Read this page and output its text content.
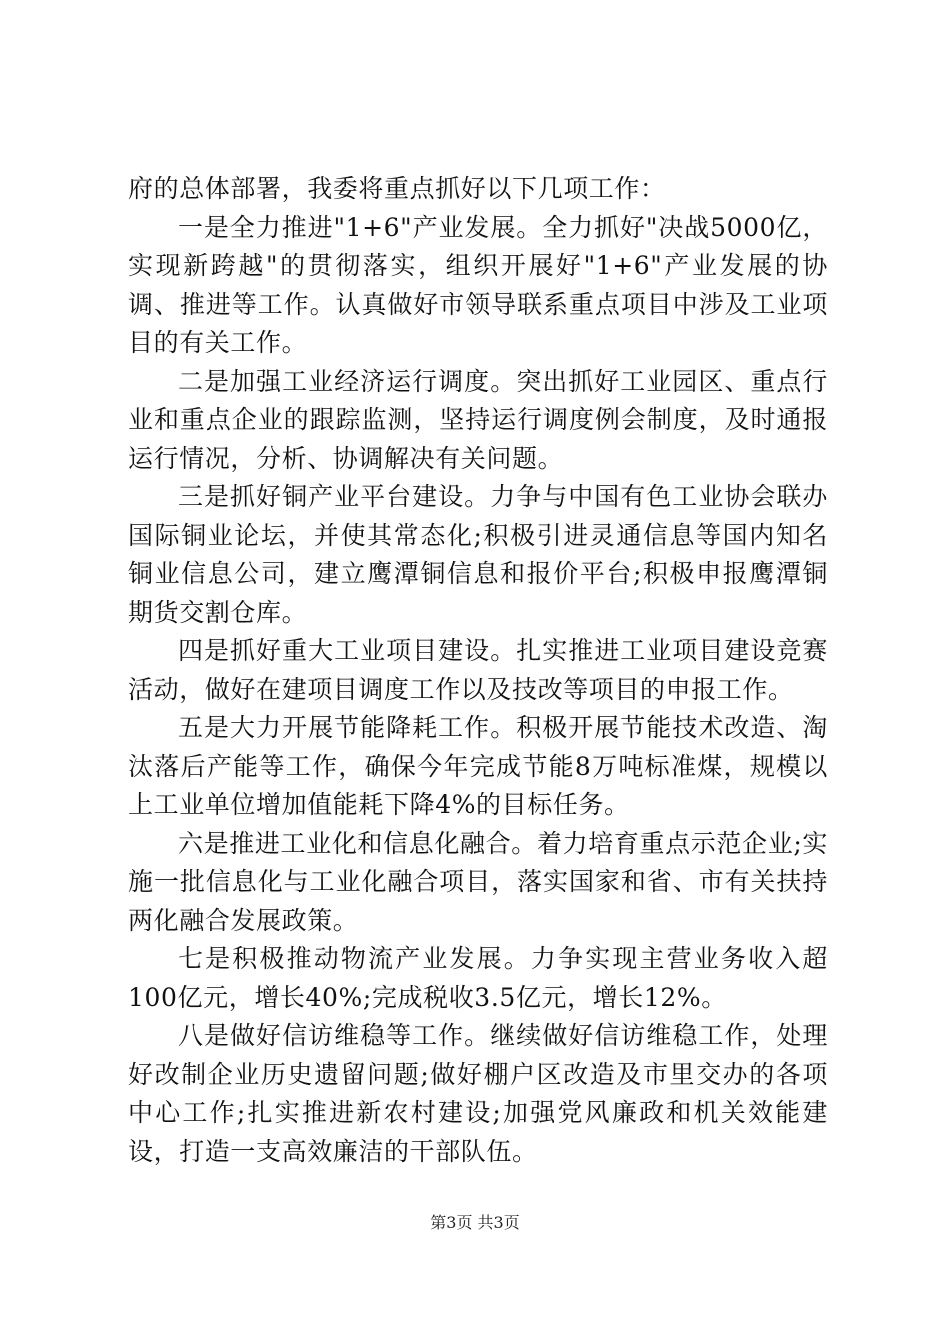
府的总体部署，我委将重点抓好以下几项工作：

一是全力推进"1+6"产业发展。全力抓好"决战5000亿，实现新跨越"的贯彻落实，组织开展好"1+6"产业发展的协调、推进等工作。认真做好市领导联系重点项目中涉及工业项目的有关工作。

二是加强工业经济运行调度。突出抓好工业园区、重点行业和重点企业的跟踪监测，坚持运行调度例会制度，及时通报运行情况，分析、协调解决有关问题。

三是抓好铜产业平台建设。力争与中国有色工业协会联办国际铜业论坛，并使其常态化;积极引进灵通信息等国内知名铜业信息公司，建立鹰潭铜信息和报价平台;积极申报鹰潭铜期货交割仓库。

四是抓好重大工业项目建设。扎实推进工业项目建设竞赛活动，做好在建项目调度工作以及技改等项目的申报工作。

五是大力开展节能降耗工作。积极开展节能技术改造、淘汰落后产能等工作，确保今年完成节能8万吨标准煤，规模以上工业单位增加值能耗下降4%的目标任务。

六是推进工业化和信息化融合。着力培育重点示范企业;实施一批信息化与工业化融合项目，落实国家和省、市有关扶持两化融合发展政策。

七是积极推动物流产业发展。力争实现主营业务收入超100亿元，增长40%;完成税收3.5亿元，增长12%。

八是做好信访维稳等工作。继续做好信访维稳工作，处理好改制企业历史遗留问题;做好棚户区改造及市里交办的各项中心工作;扎实推进新农村建设;加强党风廉政和机关效能建设，打造一支高效廉洁的干部队伍。

第3页 共3页
